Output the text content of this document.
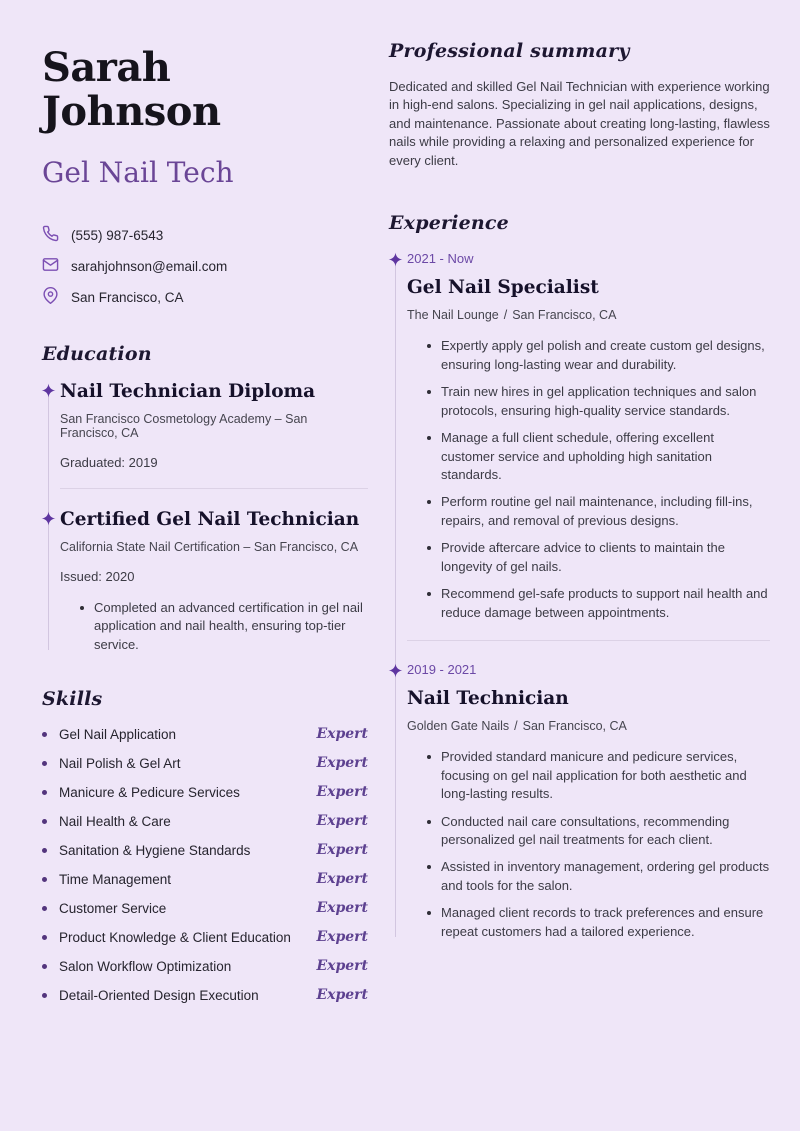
Sarah Johnson
Gel Nail Tech
(555) 987-6543
sarahjohnson@email.com
San Francisco, CA
Education
Nail Technician Diploma
San Francisco Cosmetology Academy – San Francisco, CA
Graduated: 2019
Certified Gel Nail Technician
California State Nail Certification – San Francisco, CA
Issued: 2020
Completed an advanced certification in gel nail application and nail health, ensuring top-tier service.
Skills
Gel Nail Application	Expert
Nail Polish & Gel Art	Expert
Manicure & Pedicure Services	Expert
Nail Health & Care	Expert
Sanitation & Hygiene Standards	Expert
Time Management	Expert
Customer Service	Expert
Product Knowledge & Client Education	Expert
Salon Workflow Optimization	Expert
Detail-Oriented Design Execution	Expert
Professional summary

Dedicated and skilled Gel Nail Technician with experience working in high-end salons. Specializing in gel nail applications, designs, and maintenance. Passionate about creating long-lasting, flawless nails while providing a relaxing and personalized experience for every client.

Experience
2021 - Now
Gel Nail Specialist
The Nail Lounge / San Francisco, CA
Expertly apply gel polish and create custom gel designs, ensuring long-lasting wear and durability.
Train new hires in gel application techniques and salon protocols, ensuring high-quality service standards.
Manage a full client schedule, offering excellent customer service and upholding high sanitation standards.
Perform routine gel nail maintenance, including fill-ins, repairs, and removal of previous designs.
Provide aftercare advice to clients to maintain the longevity of gel nails.
Recommend gel-safe products to support nail health and reduce damage between appointments.
2019 - 2021
Nail Technician
Golden Gate Nails / San Francisco, CA
Provided standard manicure and pedicure services, focusing on gel nail application for both aesthetic and long-lasting results.
Conducted nail care consultations, recommending personalized gel nail treatments for each client.
Assisted in inventory management, ordering gel products and tools for the salon.
Managed client records to track preferences and ensure repeat customers had a tailored experience.
